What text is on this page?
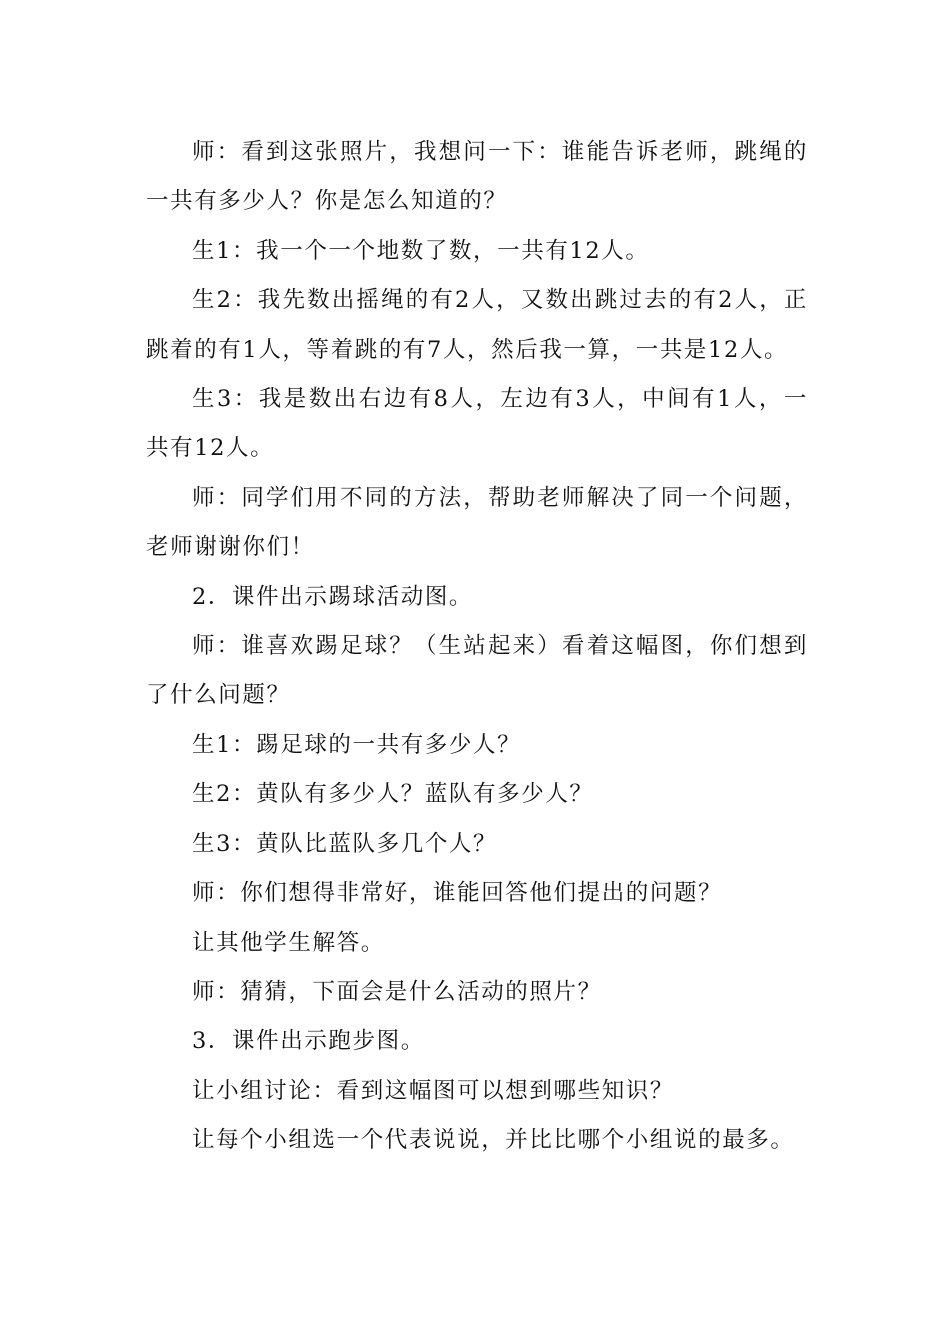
师：看到这张照片，我想问一下：谁能告诉老师，跳绳的一共有多少人？你是怎么知道的？

生1：我一个一个地数了数，一共有12人。

生2：我先数出摇绳的有2人，又数出跳过去的有2人，正跳着的有1人，等着跳的有7人，然后我一算，一共是12人。

生3：我是数出右边有8人，左边有3人，中间有1人，一共有12人。

师：同学们用不同的方法，帮助老师解决了同一个问题，老师谢谢你们！

2．课件出示踢球活动图。

师：谁喜欢踢足球？（生站起来）看着这幅图，你们想到了什么问题？

生1：踢足球的一共有多少人？

生2：黄队有多少人？蓝队有多少人？

生3：黄队比蓝队多几个人？

师：你们想得非常好，谁能回答他们提出的问题？

让其他学生解答。

师：猜猜，下面会是什么活动的照片？

3．课件出示跑步图。

让小组讨论：看到这幅图可以想到哪些知识？

让每个小组选一个代表说说，并比比哪个小组说的最多。
